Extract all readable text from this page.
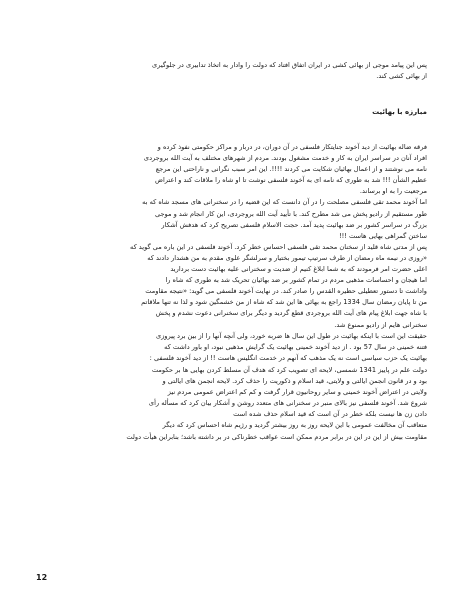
پس این پیامد موجی از بهائی کشی در ایران اتفاق افتاد که دولت را وادار به اتخاذ تدابیری در جلوگیری
از بهائی کشی کند.
مبارزه با بهائیت
فرقه ضاله بهائیت از دید آخوند جنایتکار فلسفی در آن دوران، در دربار و مراکز حکومتی نفوذ کرده و
افراد آنان در سراسر ایران به کار و خدمت مشغول بودند. مردم از شهرهای مختلف به آیت الله بروجردی
نامه می نوشتند و از اعمال بهائیان شکایت می کردند !!!!. این امر سبب نگرانی و ناراحتی این مرجع
عظیم الشأن !!! شد به طوری که نامه ای به آخوند فلسفی نوشت تا او شاه را ملاقات کند و اعتراض
مرجعیت را به او برساند.
اما آخوند محمد تقی فلسفی مصلحت را در آن دانست که این قضیه را در سخنرانی های مسجد شاه که به
طور مستقیم از رادیو پخش می شد مطرح کند. با تأیید آیت الله بروجردی، این کار انجام شد و موجی
بزرگ در سراسر کشور بر ضد بهائیت پدید آمد. حجت الاسلام فلسفی تصریح کرد که هدفش آشکار
ساختن گمراهی بهایی هاست !!!
پس از مدتی شاه قلید از سخنان محمد تقی فلسفی احساس خطر کرد. آخوند فلسفی در این باره می گوید که
«روزی در نیمه ماه رمضان از طرف سرتیپ تیمور بختیار و سرلشگر علوی مقدم به من هشدار دادند که
اعلی حضرت امر فرمودند که به شما ابلاغ کنیم از ضدیت و سخنرانی علیه بهائیت دست بردارید
اما هیجان و احساسات مذهبی مردم در تمام کشور بر ضد بهائیان تحریک شد به طوری که شاه را
واداشت تا دستور تعطیلی حظیره القدس را صادر کند. در نهایت آخوند فلسفی می گوید: «نتیجه مقاومت
من تا پایان رمضان سال 1334 راجع به بهائی ها این شد که شاه از من خشمگین شود و لذا نه تنها ملاقاتم
با شاه جهت ابلاغ پیام های آیت الله بروجردی قطع گردید و دیگر برای سخنرانی دعوت نشدم و پخش
سخنرانی هایم از رادیو ممنوع شد.
حقیقت این است با اینکه بهائیت در طول این سال ها ضربه خورد، ولی آنچه آنها را از بین برد پیروزی
فتنه خمینی در سال 57 بود . از دید آخوند خمینی بهائیت یک گرایش مذهبی نبود، او باور داشت که
بهائیت یک حزب سیاسی است نه یک مذهب که آنهم در خدمت انگلیس هاست !! از دید آخوند فلسفی :
دولت علم در پاییز 1341 شمسی، لایحه ای تصویب کرد که هدف آن مسلط کردن بهایی ها بر حکومت
بود و در قانون انجمن ایالتی و ولایتی، قید اسلام و ذکوریت را حذف کرد. لایحه انجمن های ایالتی و
ولایتی در اعتراض آخوند خمینی و سایر روحانیون قرار گرفت و کم کم اعتراض عمومی مردم نیز
شروع شد. آخوند فلسفی نیز بالای منبر در سخنرانی های متعدد روشن و آشکار بیان کرد که مسأله رأی
دادن زن ها نیست بلکه خطر در آن است که قید اسلام حذف شده است
متعاقب آن مخالفت عمومی با این لایحه روز به روز بیشتر گردید و رژیم شاه احساس کرد که دیگر
مقاومت بیش از این در این در برابر مردم ممکن است عواقب خطرناکی در بر داشته باشد؛ بنابراین هیأت دولت
12
